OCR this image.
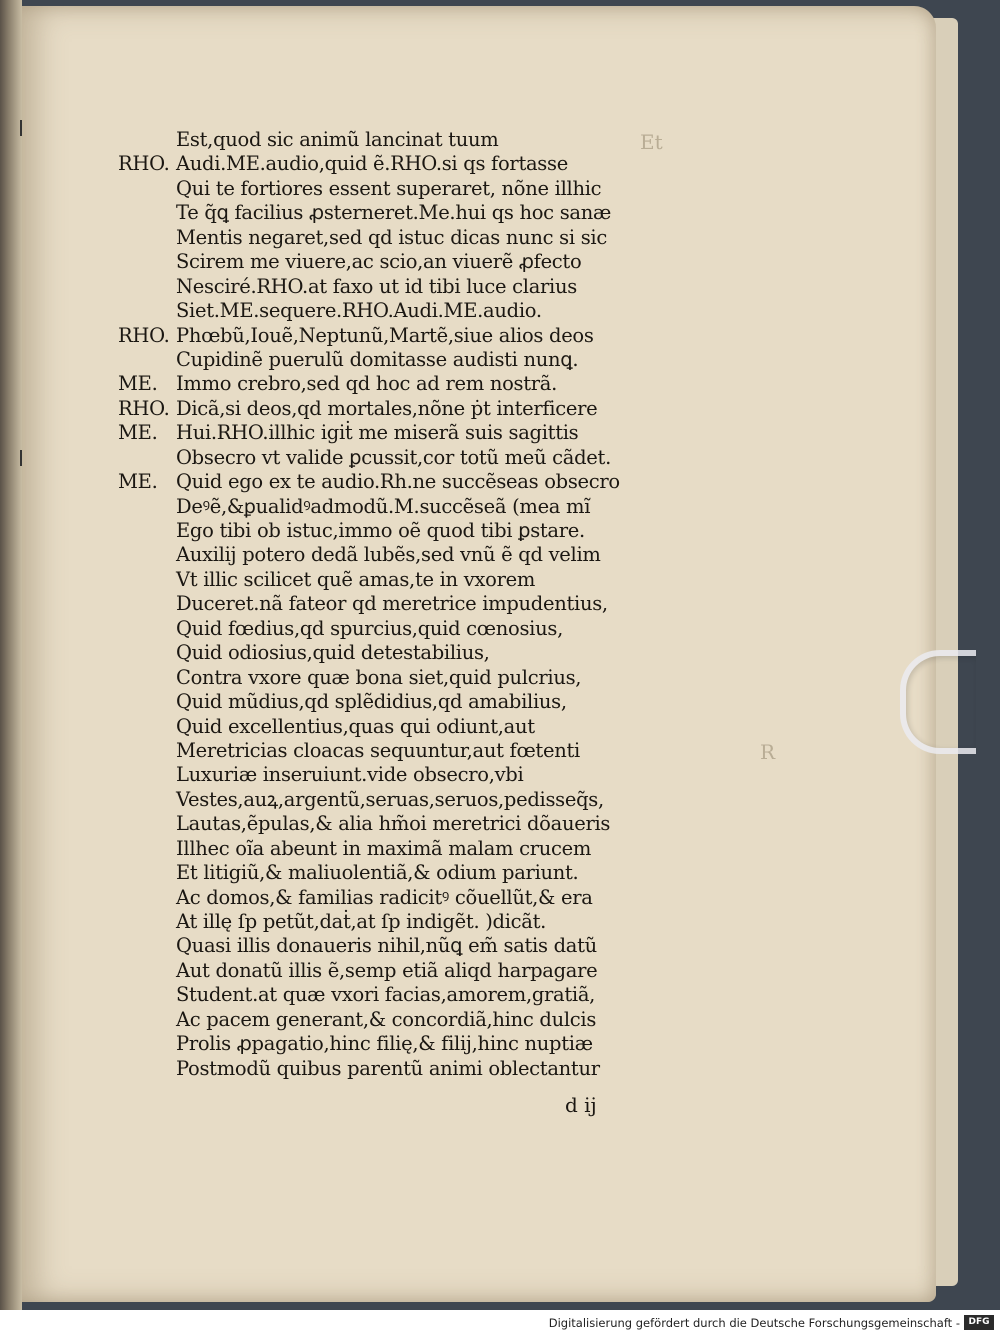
Et
R
Est,quod sic animũ lancinat tuum
RHO. Audi.ME.audio,quid ẽ.RHO.si qs fortasse
Qui te fortiores essent superaret, nõne illhic
Te q̃ꝗ facilius ꝓsterneret.Me.hui qs hoc sanæ
Mentis negaret,sed qd istuc dicas nunc si sic
Scirem me viuere,ac scio,an viuerẽ ꝓfecto
Nesciré.RHO.at faxo ut id tibi luce clarius
Siet.ME.sequere.RHO.Audi.ME.audio.
RHO. Phœbũ,Iouẽ,Neptunũ,Martẽ,siue alios deos
Cupidinẽ puerulũ domitasse audisti nunꝗ.
ME. Immo crebro,sed qd hoc ad rem nostrã.
RHO. Dicã,si deos,qd mortales,nõne ṗt interficere
ME. Hui.RHO.illhic igiṫ me miserã suis sagittis
Obsecro vt valide ꝑcussit,cor totũ meũ cãdet.
ME. Quid ego ex te audio.Rh.ne succẽseas obsecro
Deꝰẽ,&ꝑualidꝰadmodũ.M.succẽseã (mea mĩ
Ego tibi ob istuc,immo oẽ quod tibi ꝑstare.
Auxilij potero dedã lubẽs,sed vnũ ẽ qd velim
Vt illic scilicet quẽ amas,te in vxorem
Duceret.nã fateor qd meretrice impudentius,
Quid fœdius,qd spurcius,quid cœnosius,
Quid odiosius,quid detestabilius,
Contra vxore quæ bona siet,quid pulcrius,
Quid mũdius,qd splẽdidius,qd amabilius,
Quid excellentius,quas qui odiunt,aut
Meretricias cloacas sequuntur,aut fœtenti
Luxuriæ inseruiunt.vide obsecro,vbi
Vestes,auꝝ,argentũ,seruas,seruos,pedisseq̃s,
Lautas,ẽpulas,& alia hm̃oi meretrici dõaueris
Illhec oĩa abeunt in maximã malam crucem
Et litigiũ,& maliuolentiã,& odium pariunt.
Ac domos,& familias radicitꝰ cõuellũt,& era
At illę ſp petũt,daṫ,at ſp indigẽt. )dicãt.
Quasi illis donaueris nihil,nũꝗ em̃ satis datũ
Aut donatũ illis ẽ,semp etiã aliqd harpagare
Student.at quæ vxori facias,amorem,gratiã,
Ac pacem generant,& concordiã,hinc dulcis
Prolis ꝓpagatio,hinc filię,& filij,hinc nuptiæ
Postmodũ quibus parentũ animi oblectantur
d ij
Digitalisierung gefördert durch die Deutsche Forschungsgemeinschaft - DFG
